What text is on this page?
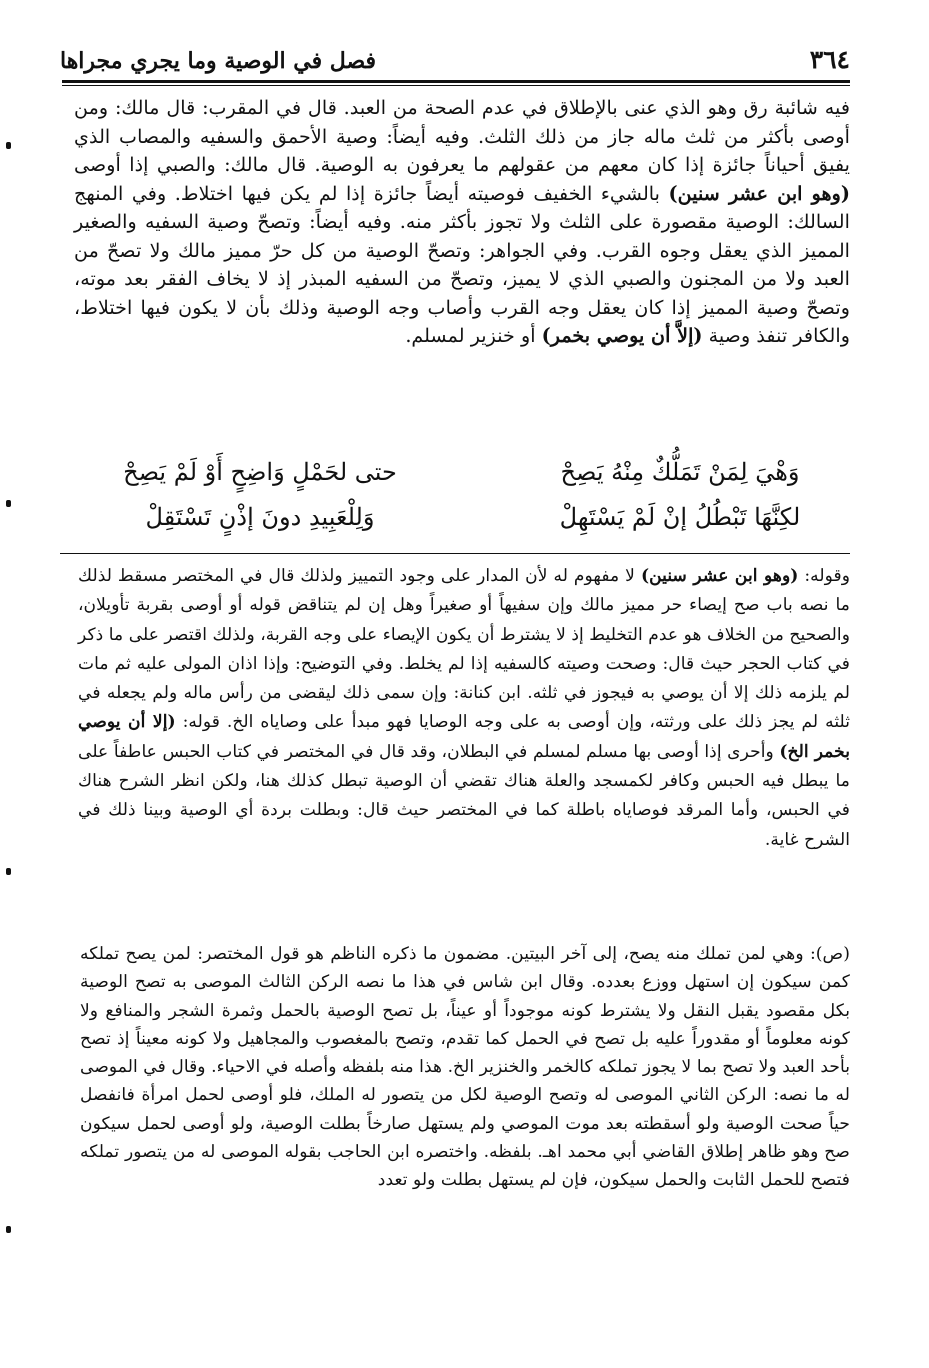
٣٦٤
فصل في الوصية وما يجري مجراها

فيه شائبة رق وهو الذي عنى بالإطلاق في عدم الصحة من العبد. قال في المقرب: قال مالك: ومن أوصى بأكثر من ثلث ماله جاز من ذلك الثلث. وفيه أيضاً: وصية الأحمق والسفيه والمصاب الذي يفيق أحياناً جائزة إذا كان معهم من عقولهم ما يعرفون به الوصية. قال مالك: والصبي إذا أوصى (وهو ابن عشر سنين) بالشيء الخفيف فوصيته أيضاً جائزة إذا لم يكن فيها اختلاط. وفي المنهج السالك: الوصية مقصورة على الثلث ولا تجوز بأكثر منه. وفيه أيضاً: وتصحّ وصية السفيه والصغير المميز الذي يعقل وجوه القرب. وفي الجواهر: وتصحّ الوصية من كل حرّ مميز مالك ولا تصحّ من العبد ولا من المجنون والصبي الذي لا يميز، وتصحّ من السفيه المبذر إذ لا يخاف الفقر بعد موته، وتصحّ وصية المميز إذا كان يعقل وجه القرب وأصاب وجه الوصية وذلك بأن لا يكون فيها اختلاط، والكافر تنفذ وصية (إلاَّ أن يوصي بخمر) أو خنزير لمسلم.

وَهْيَ لِمَنْ تَمَلُّكٌ مِنْهُ يَصِحْ
حتى لحَمْلٍ وَاضِحٍ أَوْ لَمْ يَصِحْ
لكِنَّهَا تَبْطُلُ إنْ لَمْ يَسْتَهِلْ
وَلِلْعَبِيدِ دونَ إذْنٍ تَسْتَقِلْ

وقوله: (وهو ابن عشر سنين) لا مفهوم له لأن المدار على وجود التمييز ولذلك قال في المختصر مسقط لذلك ما نصه باب صح إيصاء حر مميز مالك وإن سفيهاً أو صغيراً وهل إن لم يتناقض قوله أو أوصى بقربة تأويلان، والصحيح من الخلاف هو عدم التخليط إذ لا يشترط أن يكون الإيصاء على وجه القربة، ولذلك اقتصر على ما ذكر في كتاب الحجر حيث قال: وصحت وصيته كالسفيه إذا لم يخلط. وفي التوضيح: وإذا اذان المولى عليه ثم مات لم يلزمه ذلك إلا أن يوصي به فيجوز في ثلثه. ابن كنانة: وإن سمى ذلك ليقضى من رأس ماله ولم يجعله في ثلثه لم يجز ذلك على ورثته، وإن أوصى به على وجه الوصايا فهو مبدأ على وصاياه الخ. قوله: (إلا أن يوصي بخمر الخ) وأحرى إذا أوصى بها مسلم لمسلم في البطلان، وقد قال في المختصر في كتاب الحبس عاطفاً على ما يبطل فيه الحبس وكافر لكمسجد والعلة هناك تقضي أن الوصية تبطل كذلك هنا، ولكن انظر الشرح هناك في الحبس، وأما المرقد فوصاياه باطلة كما في المختصر حيث قال: وبطلت بردة أي الوصية وبينا ذلك في الشرح غاية.

(ص): وهي لمن تملك منه يصح، إلى آخر البيتين. مضمون ما ذكره الناظم هو قول المختصر: لمن يصح تملكه كمن سيكون إن استهل ووزع بعدده. وقال ابن شاس في هذا ما نصه الركن الثالث الموصى به تصح الوصية بكل مقصود يقبل النقل ولا يشترط كونه موجوداً أو عيناً، بل تصح الوصية بالحمل وثمرة الشجر والمنافع ولا كونه معلوماً أو مقدوراً عليه بل تصح في الحمل كما تقدم، وتصح بالمغصوب والمجاهيل ولا كونه معيناً إذ تصح بأحد العبد ولا تصح بما لا يجوز تملكه كالخمر والخنزير الخ. هذا منه بلفظه وأصله في الاحياء. وقال في الموصى له ما نصه: الركن الثاني الموصى له وتصح الوصية لكل من يتصور له الملك، فلو أوصى لحمل امرأة فانفصل حياً صحت الوصية ولو أسقطته بعد موت الموصي ولم يستهل صارخاً بطلت الوصية، ولو أوصى لحمل سيكون صح وهو ظاهر إطلاق القاضي أبي محمد اهـ. بلفظه. واختصره ابن الحاجب بقوله الموصى له من يتصور تملكه فتصح للحمل الثابت والحمل سيكون، فإن لم يستهل بطلت ولو تعدد
